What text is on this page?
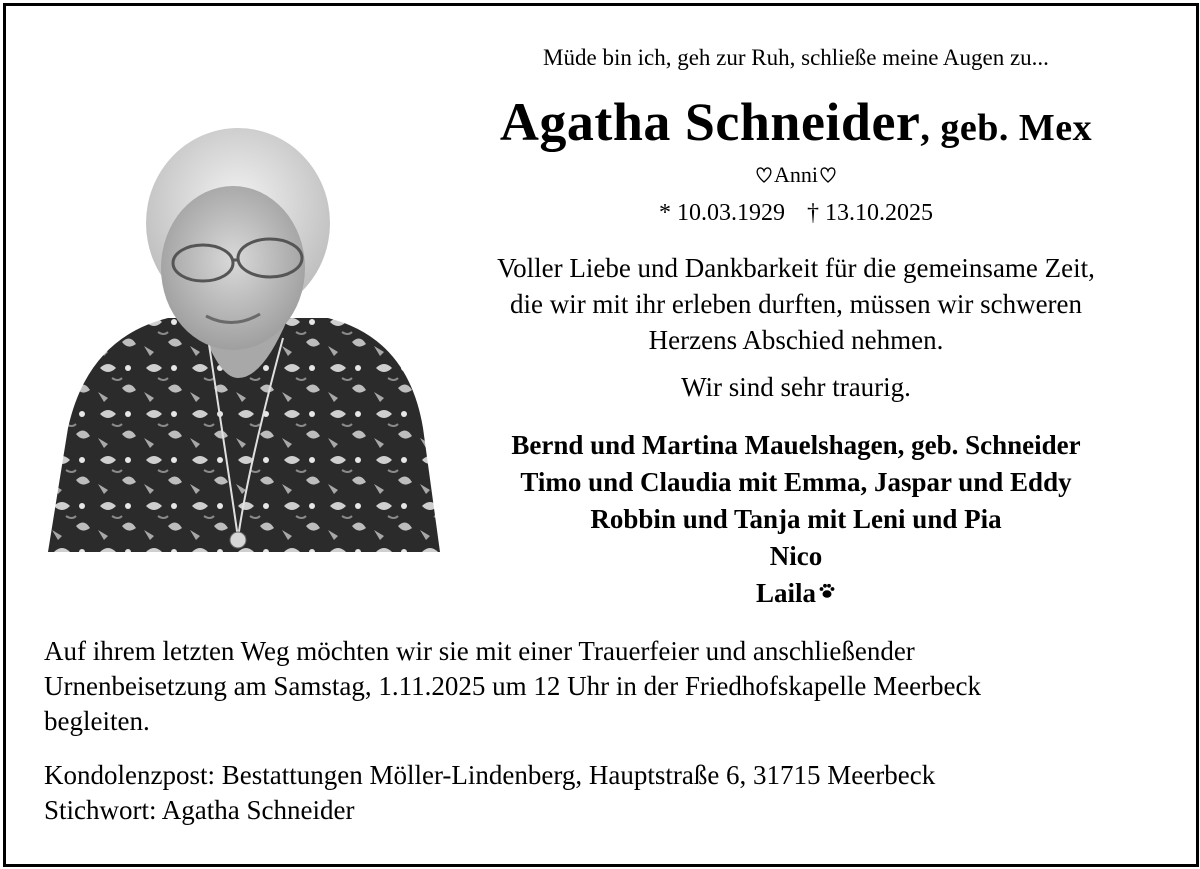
Müde bin ich, geh zur Ruh, schließe meine Augen zu...
Agatha Schneider, geb. Mex
Anni
* 10.03.1929 † 13.10.2025
Voller Liebe und Dankbarkeit für die gemeinsame Zeit,
die wir mit ihr erleben durften, müssen wir schweren
Herzens Abschied nehmen.
Wir sind sehr traurig.
Bernd und Martina Mauelshagen, geb. Schneider
Timo und Claudia mit Emma, Jaspar und Eddy
Robbin und Tanja mit Leni und Pia
Nico
Laila
Auf ihrem letzten Weg möchten wir sie mit einer Trauerfeier und anschließender
Urnenbeisetzung am Samstag, 1.11.2025 um 12 Uhr in der Friedhofskapelle Meerbeck
begleiten.
Kondolenzpost: Bestattungen Möller-Lindenberg, Hauptstraße 6, 31715 Meerbeck
Stichwort: Agatha Schneider
